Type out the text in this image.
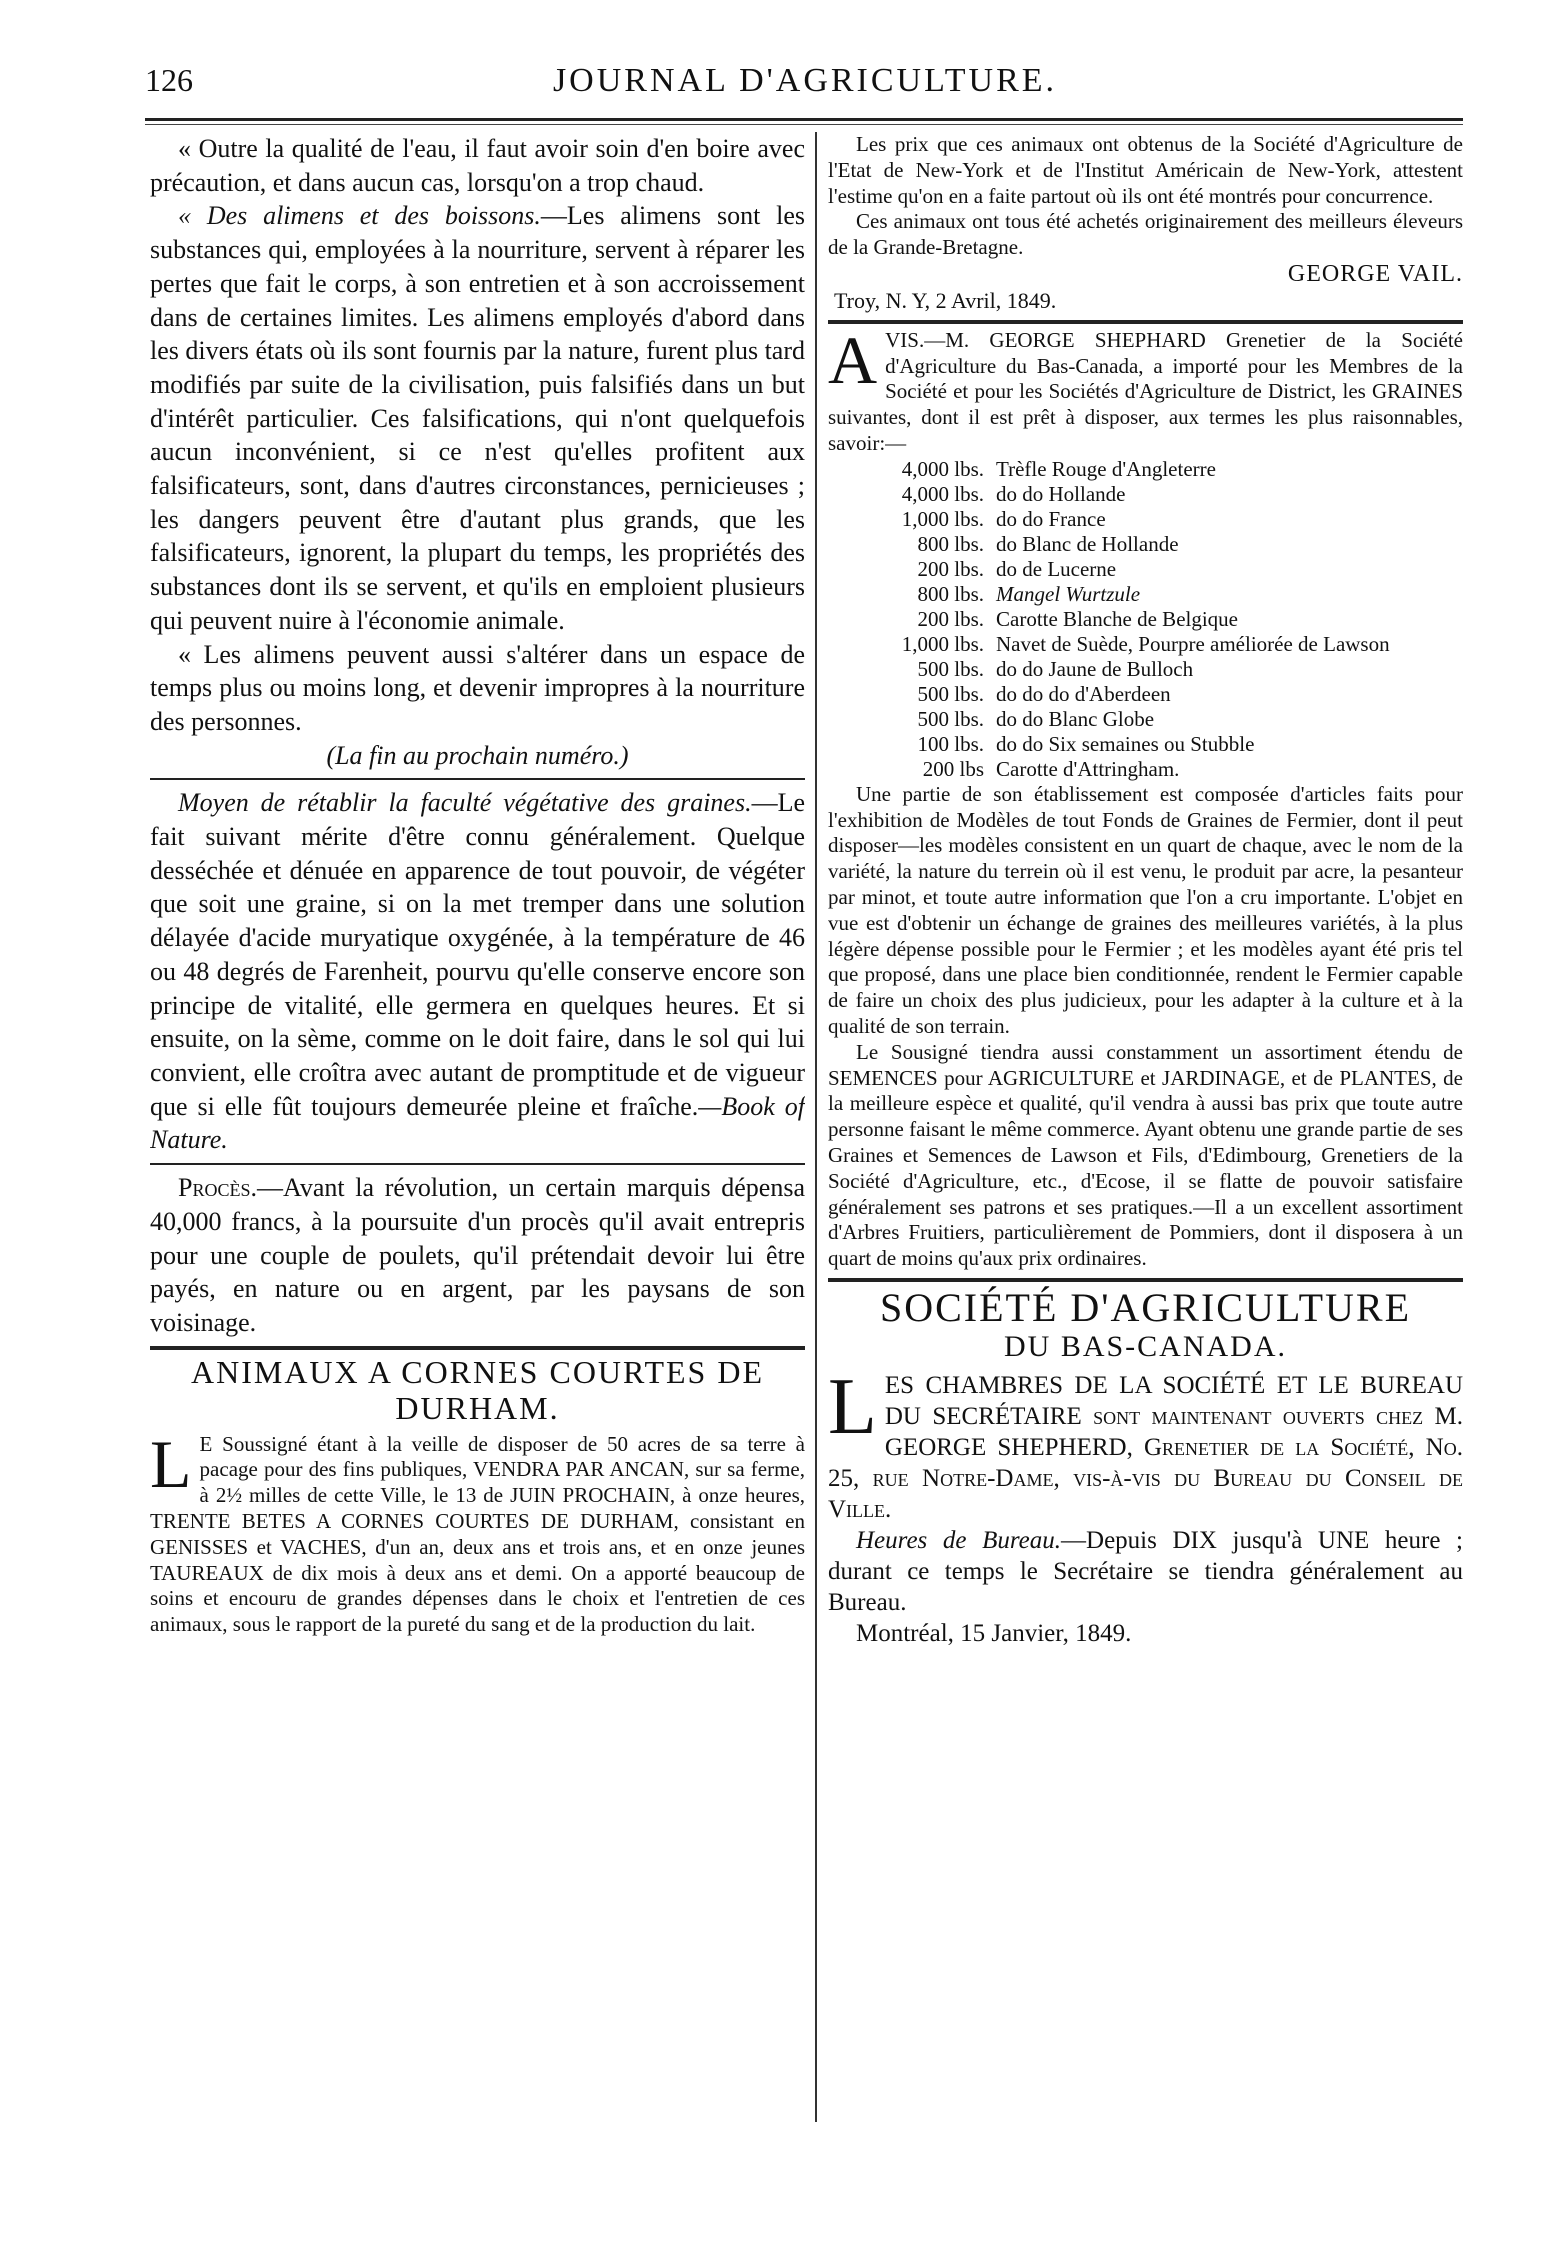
126	JOURNAL D'AGRICULTURE.

« Outre la qualité de l'eau, il faut avoir soin d'en boire avec précaution, et dans aucun cas, lorsqu'on a trop chaud.

« Des alimens et des boissons.—Les alimens sont les substances qui, employées à la nourriture, servent à réparer les pertes que fait le corps, à son entretien et à son accroissement dans de certaines limites. Les alimens employés d'abord dans les divers états où ils sont fournis par la nature, furent plus tard modifiés par suite de la civilisation, puis falsifiés dans un but d'intérêt particulier. Ces falsifications, qui n'ont quelquefois aucun inconvénient, si ce n'est qu'elles profitent aux falsificateurs, sont, dans d'autres circonstances, pernicieuses ; les dangers peuvent être d'autant plus grands, que les falsificateurs, ignorent, la plupart du temps, les propriétés des substances dont ils se servent, et qu'ils en emploient plusieurs qui peuvent nuire à l'économie animale.

« Les alimens peuvent aussi s'altérer dans un espace de temps plus ou moins long, et devenir impropres à la nourriture des personnes.

(La fin au prochain numéro.)

Moyen de rétablir la faculté végétative des graines.—Le fait suivant mérite d'être connu généralement. Quelque desséchée et dénuée en apparence de tout pouvoir, de végéter que soit une graine, si on la met tremper dans une solution délayée d'acide muryatique oxygénée, à la température de 46 ou 48 degrés de Farenheit, pourvu qu'elle conserve encore son principe de vitalité, elle germera en quelques heures. Et si ensuite, on la sème, comme on le doit faire, dans le sol qui lui convient, elle croîtra avec autant de promptitude et de vigueur que si elle fût toujours demeurée pleine et fraîche.—Book of Nature.

Procès.—Avant la révolution, un certain marquis dépensa 40,000 francs, à la poursuite d'un procès qu'il avait entrepris pour une couple de poulets, qu'il prétendait devoir lui être payés, en nature ou en argent, par les paysans de son voisinage.

ANIMAUX A CORNES COURTES DE DURHAM.

L E Soussigné étant à la veille de disposer de 50 acres de sa terre à pacage pour des fins publiques, VENDRA PAR ANCAN, sur sa ferme, à 2½ milles de cette Ville, le 13 de JUIN PROCHAIN, à onze heures, TRENTE BETES A CORNES COURTES DE DURHAM, consistant en GENISSES et VACHES, d'un an, deux ans et trois ans, et en onze jeunes TAUREAUX de dix mois à deux ans et demi. On a apporté beaucoup de soins et encouru de grandes dépenses dans le choix et l'entretien de ces animaux, sous le rapport de la pureté du sang et de la production du lait.

Les prix que ces animaux ont obtenus de la Société d'Agriculture de l'Etat de New-York et de l'Institut Américain de New-York, attestent l'estime qu'on en a faite partout où ils ont été montrés pour concurrence.

Ces animaux ont tous été achetés originairement des meilleurs éleveurs de la Grande-Bretagne.

GEORGE VAIL.

Troy, N. Y, 2 Avril, 1849.

AVIS.—M. GEORGE SHEPHARD Grenetier de la Société d'Agriculture du Bas-Canada, a importé pour les Membres de la Société et pour les Sociétés d'Agriculture de District, les GRAINES suivantes, dont il est prêt à disposer, aux termes les plus raisonnables, savoir:—

4,000 lbs.	Trèfle Rouge d'Angleterre
4,000 lbs.	do do Hollande
1,000 lbs.	do do France
800 lbs.	do Blanc de Hollande
200 lbs.	do de Lucerne
800 lbs.	Mangel Wurtzule
200 lbs.	Carotte Blanche de Belgique
1,000 lbs.	Navet de Suède, Pourpre améliorée de Lawson
500 lbs.	do do Jaune de Bulloch
500 lbs.	do do do d'Aberdeen
500 lbs.	do do Blanc Globe
100 lbs.	do do Six semaines ou Stubble
200 lbs	Carotte d'Attringham.

Une partie de son établissement est composée d'articles faits pour l'exhibition de Modèles de tout Fonds de Graines de Fermier, dont il peut disposer—les modèles consistent en un quart de chaque, avec le nom de la variété, la nature du terrein où il est venu, le produit par acre, la pesanteur par minot, et toute autre information que l'on a cru importante. L'objet en vue est d'obtenir un échange de graines des meilleures variétés, à la plus légère dépense possible pour le Fermier ; et les modèles ayant été pris tel que proposé, dans une place bien conditionnée, rendent le Fermier capable de faire un choix des plus judicieux, pour les adapter à la culture et à la qualité de son terrain.

Le Sousigné tiendra aussi constamment un assortiment étendu de SEMENCES pour AGRICULTURE et JARDINAGE, et de PLANTES, de la meilleure espèce et qualité, qu'il vendra à aussi bas prix que toute autre personne faisant le même commerce. Ayant obtenu une grande partie de ses Graines et Semences de Lawson et Fils, d'Edimbourg, Grenetiers de la Société d'Agriculture, etc., d'Ecose, il se flatte de pouvoir satisfaire généralement ses patrons et ses pratiques.—Il a un excellent assortiment d'Arbres Fruitiers, particulièrement de Pommiers, dont il disposera à un quart de moins qu'aux prix ordinaires.

SOCIÉTÉ D'AGRICULTURE
DU BAS-CANADA.

LES CHAMBRES DE LA SOCIÉTÉ ET LE BUREAU DU SECRÉTAIRE sont maintenant ouverts chez M. GEORGE SHEPHERD, Grenetier de la Société, No. 25, rue Notre-Dame, vis-à-vis du Bureau du Conseil de Ville.

Heures de Bureau.—Depuis DIX jusqu'à UNE heure ; durant ce temps le Secrétaire se tiendra généralement au Bureau.

Montréal, 15 Janvier, 1849.
